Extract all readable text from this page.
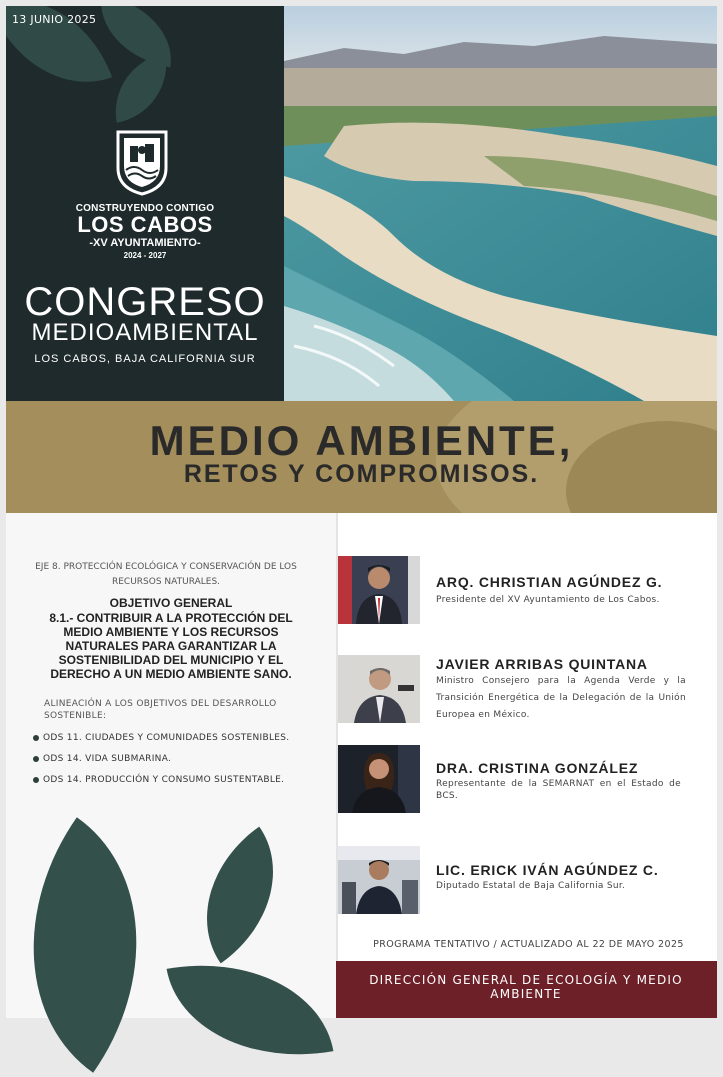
13 JUNIO 2025
CONSTRUYENDO CONTIGO
LOS CABOS
-XV AYUNTAMIENTO-
2024 - 2027
CONGRESO
MEDIOAMBIENTAL
LOS CABOS, BAJA CALIFORNIA SUR
MEDIO AMBIENTE,
RETOS Y COMPROMISOS.
EJE 8. PROTECCIÓN ECOLÓGICA Y CONSERVACIÓN DE LOS RECURSOS NATURALES.
OBJETIVO GENERAL
8.1.- CONTRIBUIR A LA PROTECCIÓN DEL MEDIO AMBIENTE Y LOS RECURSOS NATURALES PARA GARANTIZAR LA SOSTENIBILIDAD DEL MUNICIPIO Y EL DERECHO A UN MEDIO AMBIENTE SANO.
ALINEACIÓN A LOS OBJETIVOS DEL DESARROLLO SOSTENIBLE:
ODS 11. CIUDADES Y COMUNIDADES SOSTENIBLES.
ODS 14. VIDA SUBMARINA.
ODS 14. PRODUCCIÓN Y CONSUMO SUSTENTABLE.
ARQ. CHRISTIAN AGÚNDEZ G.
Presidente del XV Ayuntamiento de Los Cabos.
JAVIER ARRIBAS QUINTANA
Ministro Consejero para la Agenda Verde y la Transición Energética de la Delegación de la Unión Europea en México.
DRA. CRISTINA GONZÁLEZ
Representante de la SEMARNAT en el Estado de BCS.
LIC. ERICK IVÁN AGÚNDEZ C.
Diputado Estatal de Baja California Sur.
PROGRAMA TENTATIVO / ACTUALIZADO AL 22 DE MAYO 2025
DIRECCIÓN GENERAL DE ECOLOGÍA Y MEDIO AMBIENTE
